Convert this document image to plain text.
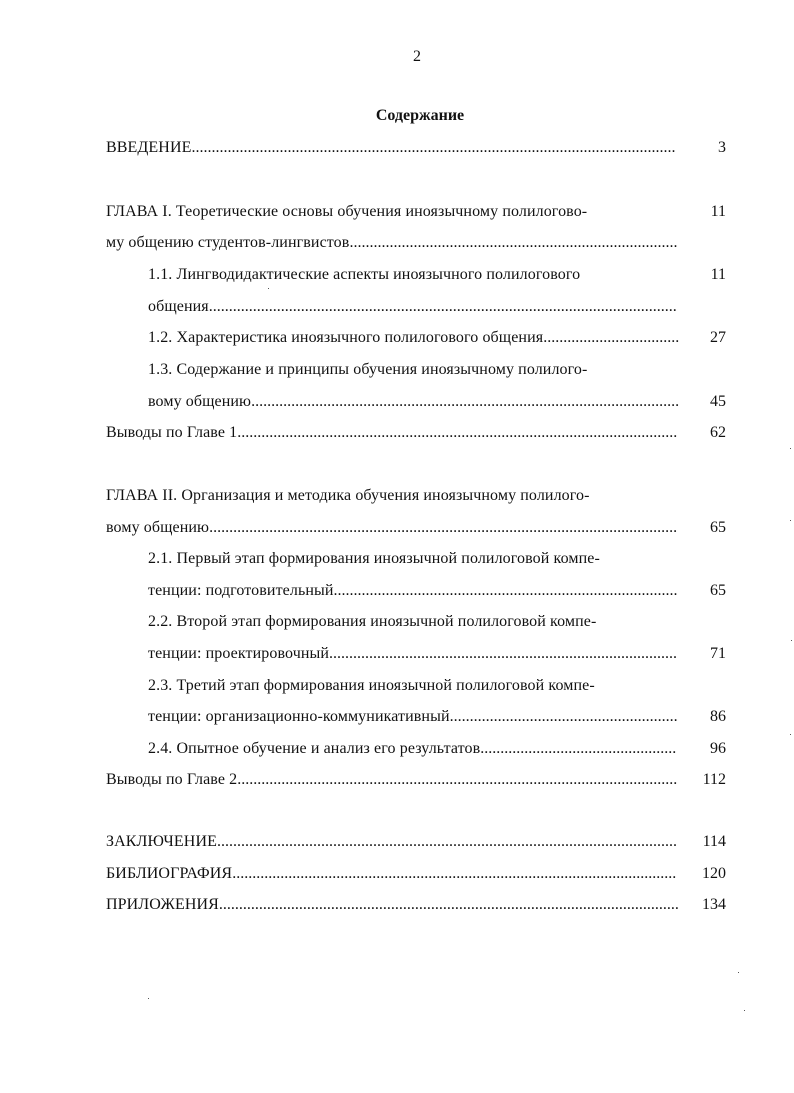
2
Содержание
ВВЕДЕНИЕ.........................................................................................................................	3
ГЛАВА I. Теоретические основы обучения иноязычному полилогово-	11
му общению студентов-лингвистов..................................................................................
1.1. Лингводидактические аспекты иноязычного полилогового	11
общения.....................................................................................................................
1.2. Характеристика иноязычного полилогового общения..................................	27
1.3. Содержание и принципы обучения иноязычному полилого-
вому общению...........................................................................................................	45
Выводы по Главе 1..............................................................................................................	62
ГЛАВА II. Организация и методика обучения иноязычному полилого-
вому общению.....................................................................................................................	65
2.1. Первый этап формирования иноязычной полилоговой компе-
тенции: подготовительный......................................................................................	65
2.2. Второй этап формирования иноязычной полилоговой компе-
тенции: проектировочный.......................................................................................	71
2.3. Третий этап формирования иноязычной полилоговой компе-
тенции: организационно-коммуникативный.........................................................	86
2.4. Опытное обучение и анализ его результатов.................................................	96
Выводы по Главе 2..............................................................................................................	112
ЗАКЛЮЧЕНИЕ...................................................................................................................	114
БИБЛИОГРАФИЯ...............................................................................................................	120
ПРИЛОЖЕНИЯ...................................................................................................................	134
